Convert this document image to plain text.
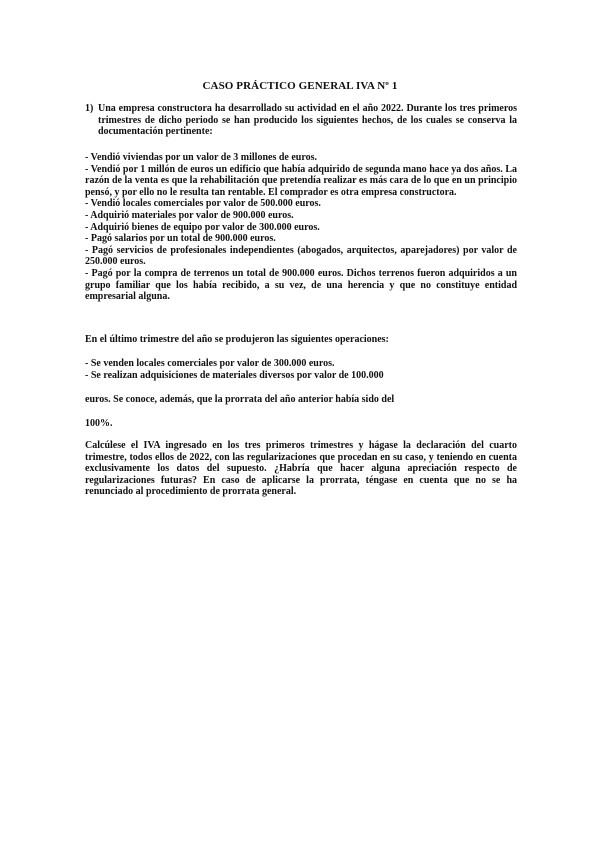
CASO PRÁCTICO GENERAL IVA Nº 1
1) Una empresa constructora ha desarrollado su actividad en el año 2022. Durante los tres primeros trimestres de dicho periodo se han producido los siguientes hechos, de los cuales se conserva la documentación pertinente:
- Vendió viviendas por un valor de 3 millones de euros.
- Vendió por 1 millón de euros un edificio que había adquirido de segunda mano hace ya dos años. La razón de la venta es que la rehabilitación que pretendía realizar es más cara de lo que en un principio pensó, y por ello no le resulta tan rentable. El comprador es otra empresa constructora.
- Vendió locales comerciales por valor de 500.000 euros.
- Adquirió materiales por valor de 900.000 euros.
- Adquirió bienes de equipo por valor de 300.000 euros.
- Pagó salarios por un total de 900.000 euros.
- Pagó servicios de profesionales independientes (abogados, arquitectos, aparejadores) por valor de 250.000 euros.
- Pagó por la compra de terrenos un total de 900.000 euros. Dichos terrenos fueron adquiridos a un grupo familiar que los había recibido, a su vez, de una herencia y que no constituye entidad empresarial alguna.
En el último trimestre del año se produjeron las siguientes operaciones:
- Se venden locales comerciales por valor de 300.000 euros.
- Se realizan adquisiciones de materiales diversos por valor de 100.000
euros. Se conoce, además, que la prorrata del año anterior había sido del
100%.
Calcúlese el IVA ingresado en los tres primeros trimestres y hágase la declaración del cuarto trimestre, todos ellos de 2022, con las regularizaciones que procedan en su caso, y teniendo en cuenta exclusivamente los datos del supuesto. ¿Habría que hacer alguna apreciación respecto de regularizaciones futuras? En caso de aplicarse la prorrata, téngase en cuenta que no se ha renunciado al procedimiento de prorrata general.
